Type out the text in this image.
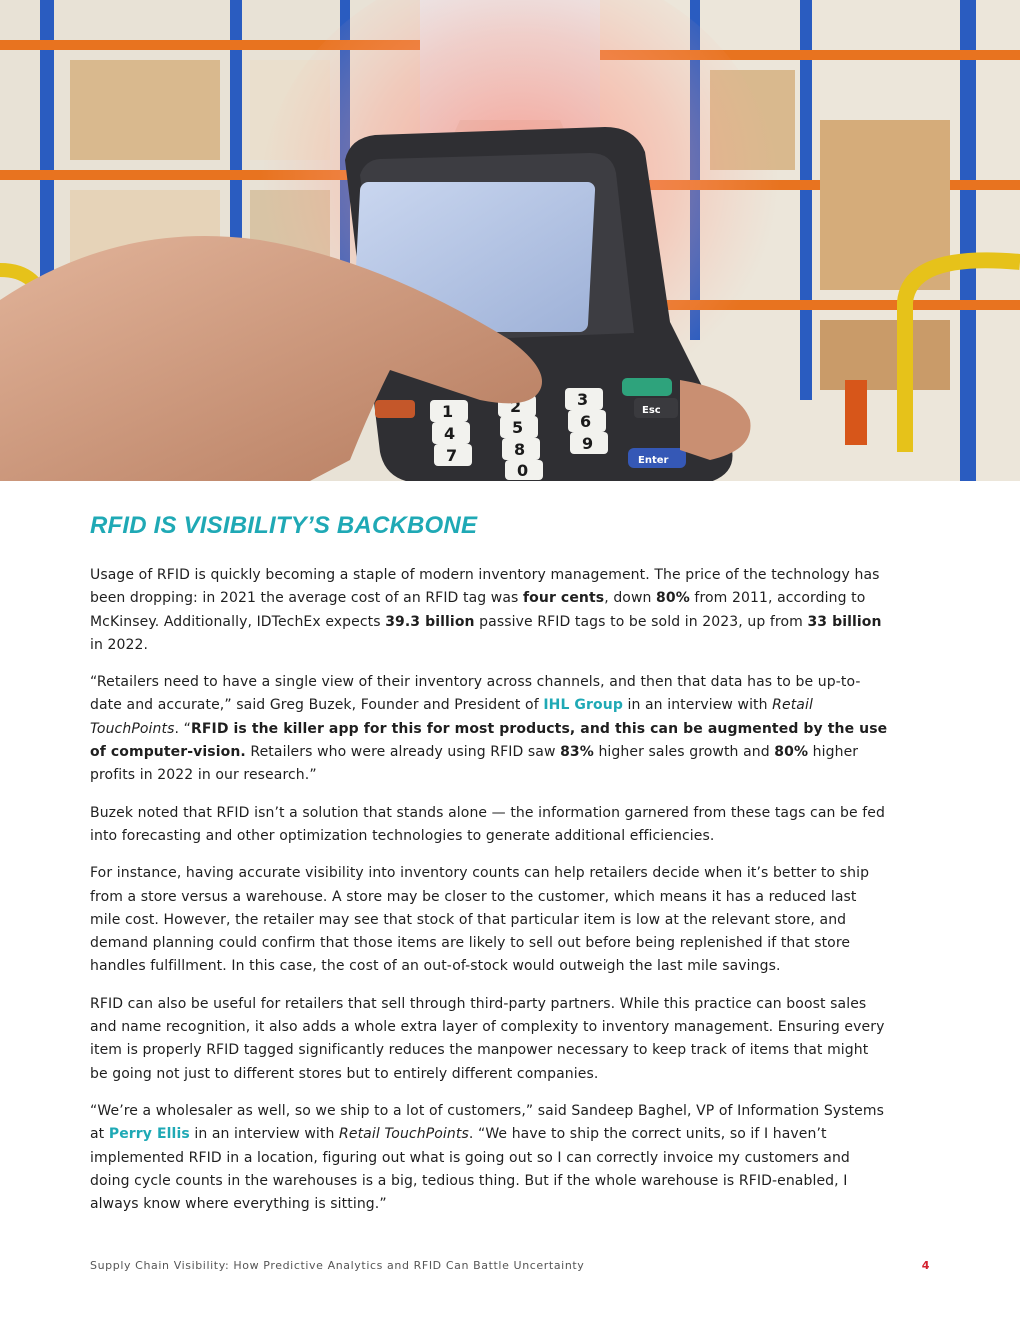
1	2	3
4	5	6
7	8	9
0
Esc
Enter
RFID IS VISIBILITY’S BACKBONE

Usage of RFID is quickly becoming a staple of modern inventory management. The price of the technology has been dropping: in 2021 the average cost of an RFID tag was four cents, down 80% from 2011, according to McKinsey. Additionally, IDTechEx expects 39.3 billion passive RFID tags to be sold in 2023, up from 33 billion in 2022.

“Retailers need to have a single view of their inventory across channels, and then that data has to be up-to-date and accurate,” said Greg Buzek, Founder and President of IHL Group in an interview with Retail TouchPoints. “RFID is the killer app for this for most products, and this can be augmented by the use of computer-vision. Retailers who were already using RFID saw 83% higher sales growth and 80% higher profits in 2022 in our research.”

Buzek noted that RFID isn’t a solution that stands alone — the information garnered from these tags can be fed into forecasting and other optimization technologies to generate additional efficiencies.

For instance, having accurate visibility into inventory counts can help retailers decide when it’s better to ship from a store versus a warehouse. A store may be closer to the customer, which means it has a reduced last mile cost. However, the retailer may see that stock of that particular item is low at the relevant store, and demand planning could confirm that those items are likely to sell out before being replenished if that store handles fulfillment. In this case, the cost of an out-of-stock would outweigh the last mile savings.

RFID can also be useful for retailers that sell through third-party partners. While this practice can boost sales and name recognition, it also adds a whole extra layer of complexity to inventory management. Ensuring every item is properly RFID tagged significantly reduces the manpower necessary to keep track of items that might be going not just to different stores but to entirely different companies.

“We’re a wholesaler as well, so we ship to a lot of customers,” said Sandeep Baghel, VP of Information Systems at Perry Ellis in an interview with Retail TouchPoints. “We have to ship the correct units, so if I haven’t implemented RFID in a location, figuring out what is going out so I can correctly invoice my customers and doing cycle counts in the warehouses is a big, tedious thing. But if the whole warehouse is RFID-enabled, I always know where everything is sitting.”

Supply Chain Visibility: How Predictive Analytics and RFID Can Battle Uncertainty	4
